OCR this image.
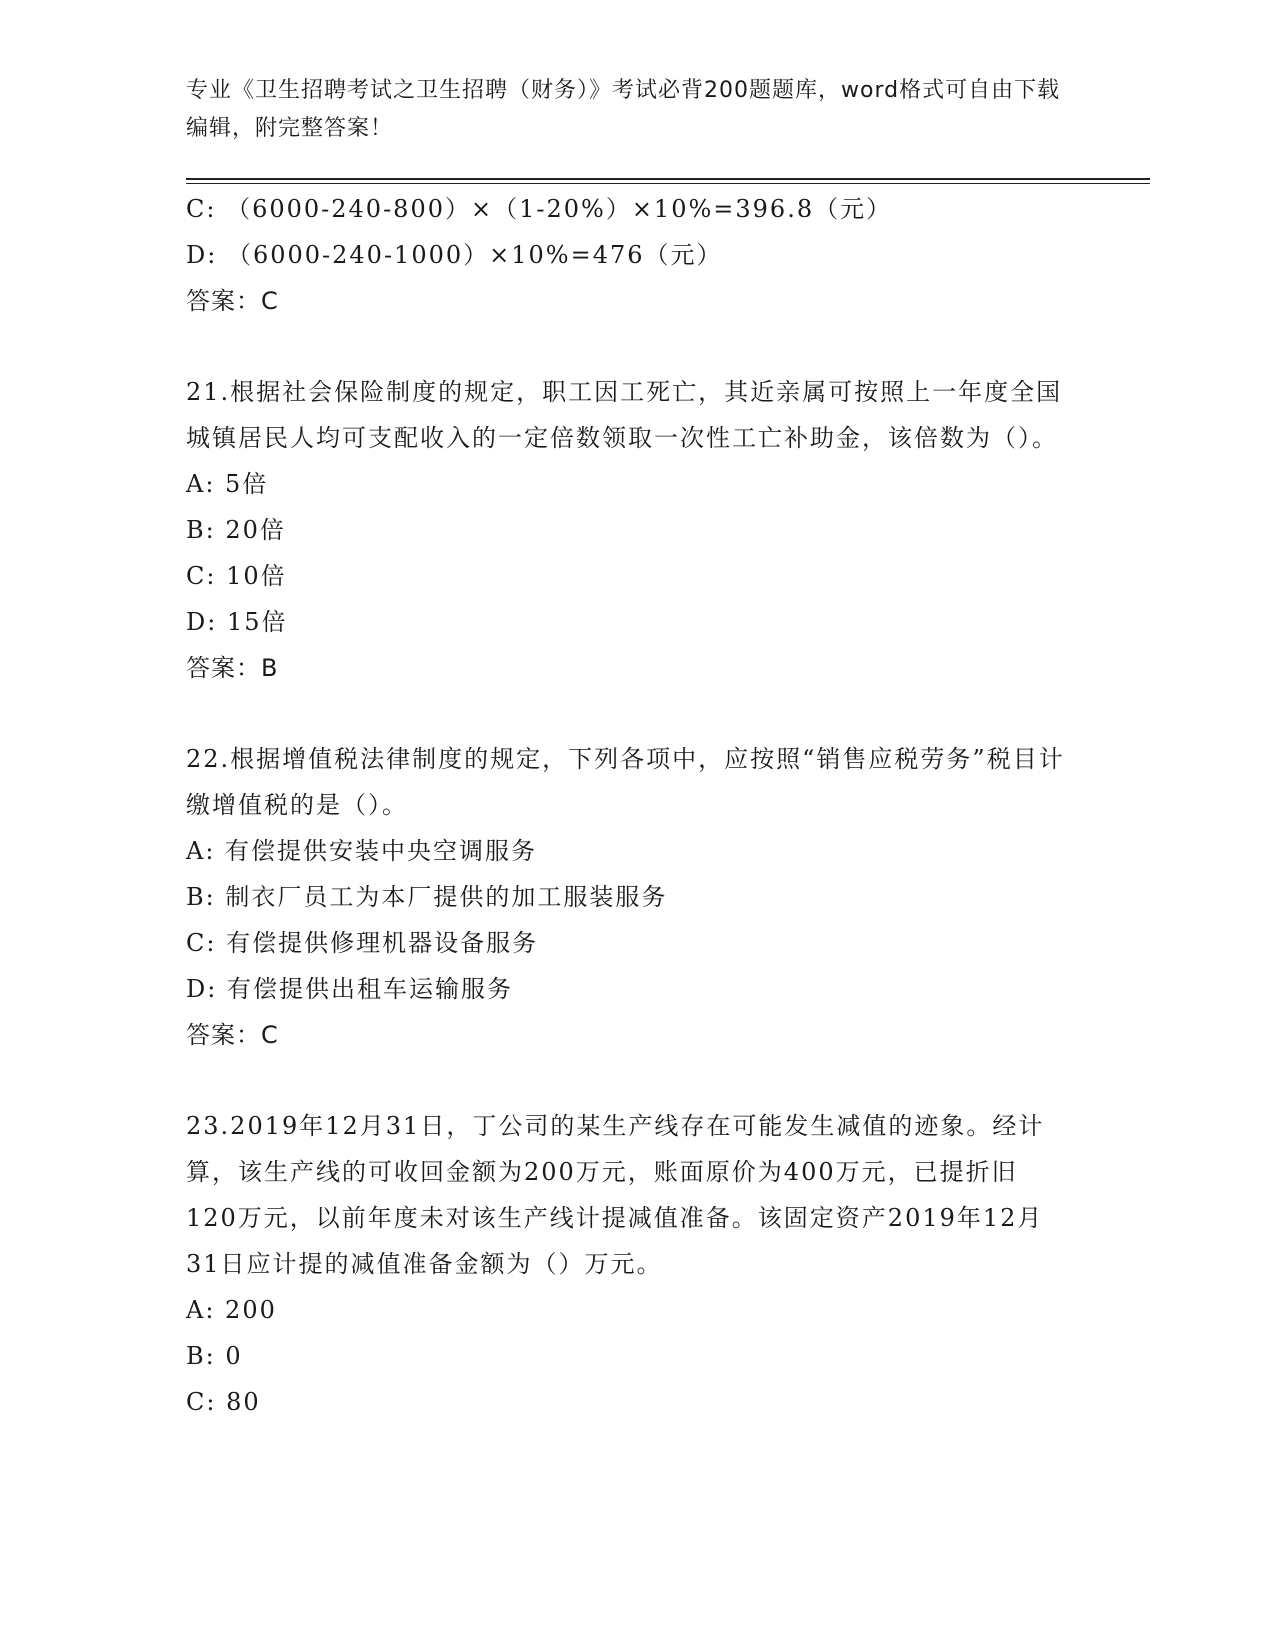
专业《卫生招聘考试之卫生招聘（财务）》考试必背200题题库，word格式可自由下载编辑，附完整答案！
C: （6000-240-800）×（1-20%）×10%=396.8（元）
D: （6000-240-1000）×10%=476（元）
答案：C
21.根据社会保险制度的规定，职工因工死亡，其近亲属可按照上一年度全国城镇居民人均可支配收入的一定倍数领取一次性工亡补助金，该倍数为（）。
A: 5倍
B: 20倍
C: 10倍
D: 15倍
答案：B
22.根据增值税法律制度的规定，下列各项中，应按照“销售应税劳务”税目计缴增值税的是（）。
A: 有偿提供安装中央空调服务
B: 制衣厂员工为本厂提供的加工服装服务
C: 有偿提供修理机器设备服务
D: 有偿提供出租车运输服务
答案：C
23.2019年12月31日，丁公司的某生产线存在可能发生减值的迹象。经计算，该生产线的可收回金额为200万元，账面原价为400万元，已提折旧120万元，以前年度未对该生产线计提减值准备。该固定资产2019年12月31日应计提的减值准备金额为（）万元。
A: 200
B: 0
C: 80
